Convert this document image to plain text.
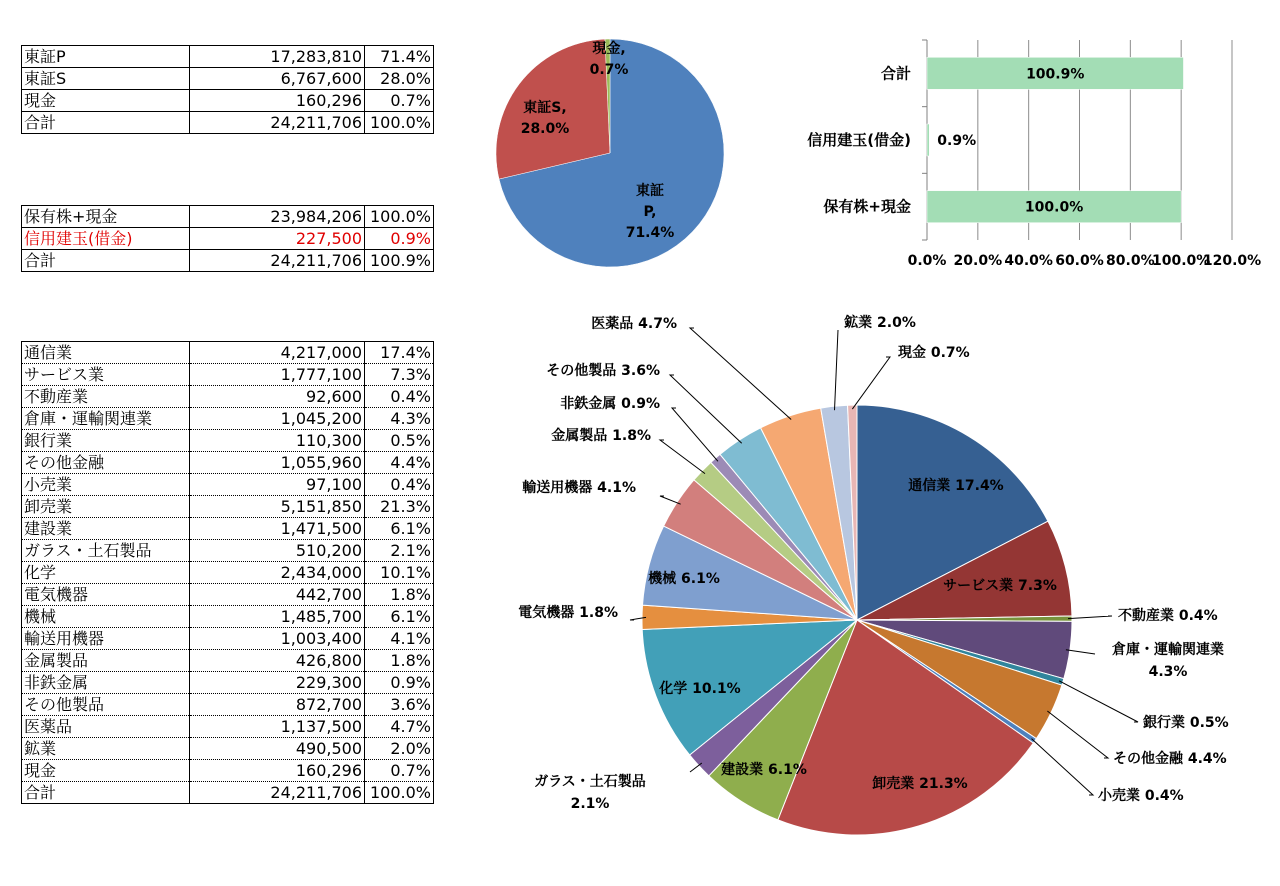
東証P	17,283,810	71.4%
東証S	6,767,600	28.0%
現金	160,296	0.7%
合計	24,211,706	100.0%
保有株+現金	23,984,206	100.0%
信用建玉(借金)	227,500	0.9%
合計	24,211,706	100.9%
通信業	4,217,000	17.4%
サービス業	1,777,100	7.3%
不動産業	92,600	0.4%
倉庫・運輸関連業	1,045,200	4.3%
銀行業	110,300	0.5%
その他金融	1,055,960	4.4%
小売業	97,100	0.4%
卸売業	5,151,850	21.3%
建設業	1,471,500	6.1%
ガラス・土石製品	510,200	2.1%
化学	2,434,000	10.1%
電気機器	442,700	1.8%
機械	1,485,700	6.1%
輸送用機器	1,003,400	4.1%
金属製品	426,800	1.8%
非鉄金属	229,300	0.9%
その他製品	872,700	3.6%
医薬品	1,137,500	4.7%
鉱業	490,500	2.0%
現金	160,296	0.7%
合計	24,211,706	100.0%
東証 P, 71.4%
東証S, 28.0%
現金, 0.7%
0.0% 20.0% 40.0% 60.0% 80.0%
100.0%
120.0%
保有株+現金	100.0%
信用建玉(借金) 0.9%
合計	100.9%
通信業 17.4%
サービス業 7.3%
不動産業 0.4%
倉庫・運輸関連業 4.3%
銀行業 0.5%
その他金融 4.4%
小売業 0.4%
卸売業 21.3%
建設業 6.1%
ガラス・土石製品 2.1%
化学 10.1%
電気機器 1.8%
機械 6.1%
輸送用機器 4.1%
金属製品 1.8%
非鉄金属 0.9%
その他製品 3.6%
医薬品 4.7%	鉱業 2.0%
現金 0.7%
